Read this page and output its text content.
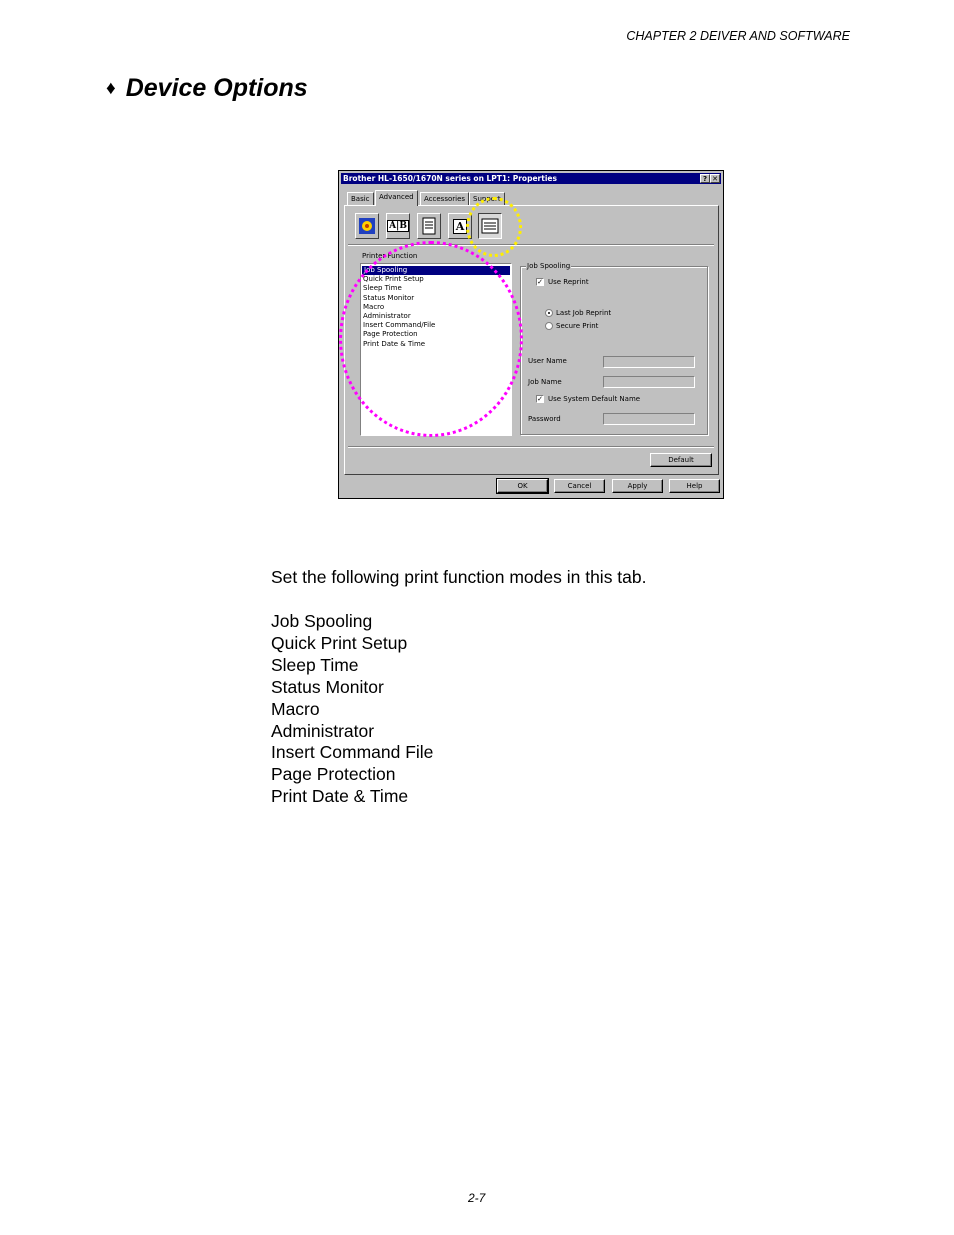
CHAPTER 2 DEIVER AND SOFTWARE
♦ Device Options
Brother HL-1650/1670N series on LPT1: Properties	? ✕
Basic	Advanced	Accessories	Support
A|B	A
Printer Function
Job Spooling
Quick Print Setup
Sleep Time
Status Monitor
Macro
Administrator
Insert Command/File
Page Protection
Print Date & Time
Job Spooling
✓ Use Reprint
Last Job Reprint
Secure Print
User Name
Job Name
✓ Use System Default Name
Password
Default
OK	Cancel	Apply	Help
Set the following print function modes in this tab.
Job Spooling
Quick Print Setup
Sleep Time
Status Monitor
Macro
Administrator
Insert Command File
Page Protection
Print Date & Time
2-7
